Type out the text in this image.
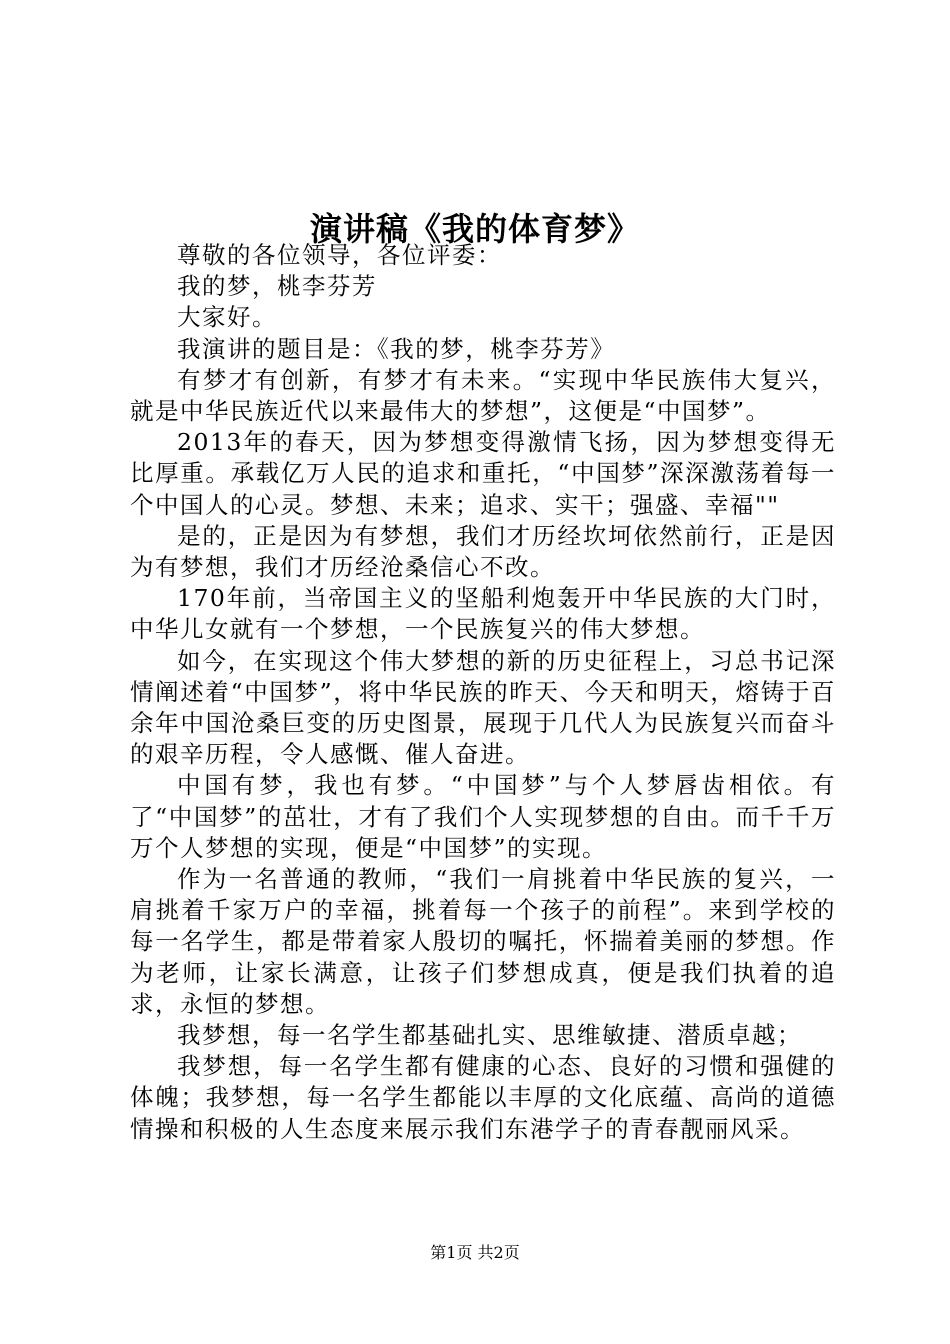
演讲稿《我的体育梦》

尊敬的各位领导，各位评委：

我的梦，桃李芬芳

大家好。

我演讲的题目是：《我的梦，桃李芬芳》

有梦才有创新，有梦才有未来。“实现中华民族伟大复兴，就是中华民族近代以来最伟大的梦想”，这便是“中国梦”。

2013年的春天，因为梦想变得激情飞扬，因为梦想变得无比厚重。承载亿万人民的追求和重托，“中国梦”深深激荡着每一个中国人的心灵。梦想、未来；追求、实干；强盛、幸福""

是的，正是因为有梦想，我们才历经坎坷依然前行，正是因为有梦想，我们才历经沧桑信心不改。

170年前，当帝国主义的坚船利炮轰开中华民族的大门时，中华儿女就有一个梦想，一个民族复兴的伟大梦想。

如今，在实现这个伟大梦想的新的历史征程上，习总书记深情阐述着“中国梦”，将中华民族的昨天、今天和明天，熔铸于百余年中国沧桑巨变的历史图景，展现于几代人为民族复兴而奋斗的艰辛历程，令人感慨、催人奋进。

中国有梦，我也有梦。“中国梦”与个人梦唇齿相依。有了“中国梦”的茁壮，才有了我们个人实现梦想的自由。而千千万万个人梦想的实现，便是“中国梦”的实现。

作为一名普通的教师，“我们一肩挑着中华民族的复兴，一肩挑着千家万户的幸福，挑着每一个孩子的前程”。来到学校的每一名学生，都是带着家人殷切的嘱托，怀揣着美丽的梦想。作为老师，让家长满意，让孩子们梦想成真，便是我们执着的追求，永恒的梦想。

我梦想，每一名学生都基础扎实、思维敏捷、潜质卓越；

我梦想，每一名学生都有健康的心态、良好的习惯和强健的体魄；我梦想，每一名学生都能以丰厚的文化底蕴、高尚的道德情操和积极的人生态度来展示我们东港学子的青春靓丽风采。

第1页 共2页
